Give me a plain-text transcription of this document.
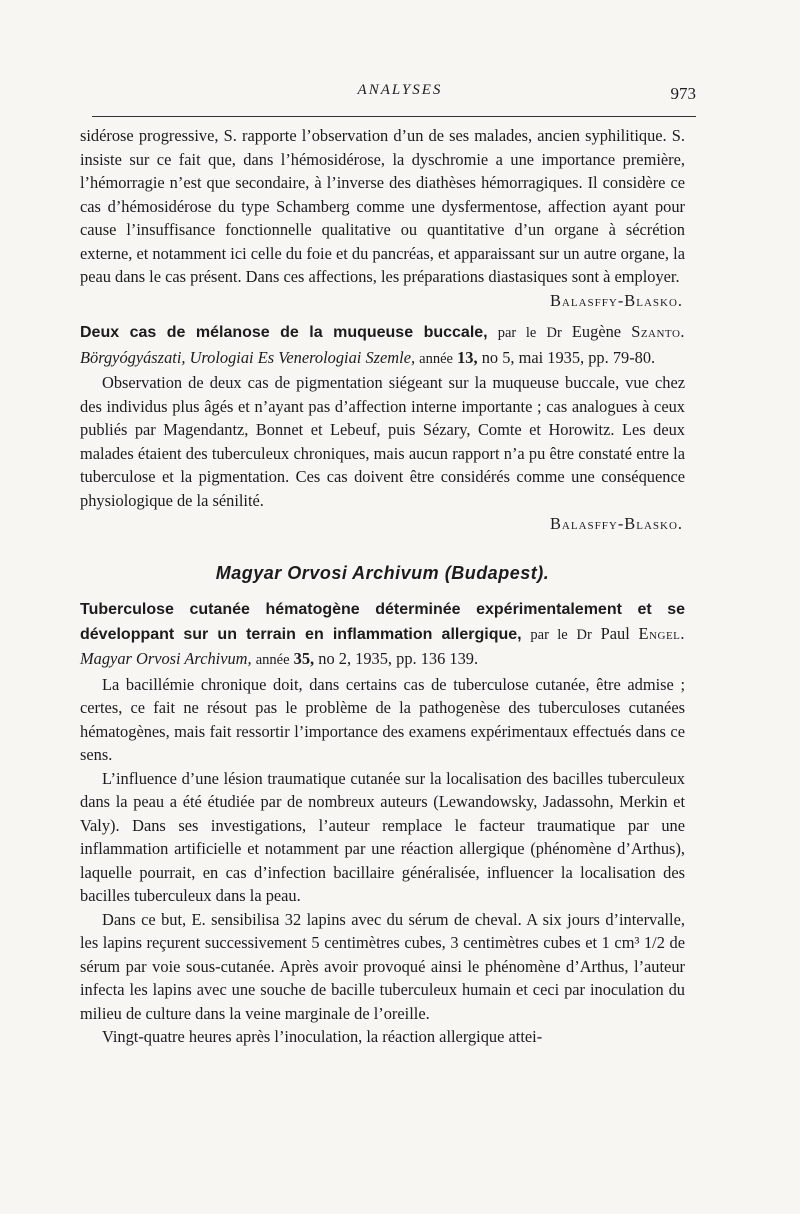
ANALYSES	973

sidérose progressive, S. rapporte l’observation d’un de ses malades, ancien syphilitique. S. insiste sur ce fait que, dans l’hémosidérose, la dyschromie a une importance première, l’hémorragie n’est que secondaire, à l’inverse des diathèses hémorragiques. Il considère ce cas d’hémosidérose du type Schamberg comme une dysfermentose, affection ayant pour cause l’insuffisance fonctionnelle qualitative ou quantitative d’un organe à sécrétion externe, et notamment ici celle du foie et du pancréas, et apparaissant sur un autre organe, la peau dans le cas présent. Dans ces affections, les préparations diastasiques sont à employer.

Balasffy-Blasko.

Deux cas de mélanose de la muqueuse buccale, par le Dr Eugène Szanto. Börgyógyászati, Urologiai Es Venerologiai Szemle, année 13, no 5, mai 1935, pp. 79-80.

Observation de deux cas de pigmentation siégeant sur la muqueuse buccale, vue chez des individus plus âgés et n’ayant pas d’affection interne importante ; cas analogues à ceux publiés par Magendantz, Bonnet et Lebeuf, puis Sézary, Comte et Horowitz. Les deux malades étaient des tuberculeux chroniques, mais aucun rapport n’a pu être constaté entre la tuberculose et la pigmentation. Ces cas doivent être considérés comme une conséquence physiologique de la sénilité.

Balasffy-Blasko.

Magyar Orvosi Archivum (Budapest).

Tuberculose cutanée hématogène déterminée expérimentalement et se développant sur un terrain en inflammation allergique, par le Dr Paul Engel. Magyar Orvosi Archivum, année 35, no 2, 1935, pp. 136 139.

La bacillémie chronique doit, dans certains cas de tuberculose cutanée, être admise ; certes, ce fait ne résout pas le problème de la pathogenèse des tuberculoses cutanées hématogènes, mais fait ressortir l’importance des examens expérimentaux effectués dans ce sens.

L’influence d’une lésion traumatique cutanée sur la localisation des bacilles tuberculeux dans la peau a été étudiée par de nombreux auteurs (Lewandowsky, Jadassohn, Merkin et Valy). Dans ses investigations, l’auteur remplace le facteur traumatique par une inflammation artificielle et notamment par une réaction allergique (phénomène d’Arthus), laquelle pourrait, en cas d’infection bacillaire généralisée, influencer la localisation des bacilles tuberculeux dans la peau.

Dans ce but, E. sensibilisa 32 lapins avec du sérum de cheval. A six jours d’intervalle, les lapins reçurent successivement 5 centimètres cubes, 3 centimètres cubes et 1 cm³ 1/2 de sérum par voie sous-cutanée. Après avoir provoqué ainsi le phénomène d’Arthus, l’auteur infecta les lapins avec une souche de bacille tuberculeux humain et ceci par inoculation du milieu de culture dans la veine marginale de l’oreille.

Vingt-quatre heures après l’inoculation, la réaction allergique attei-
